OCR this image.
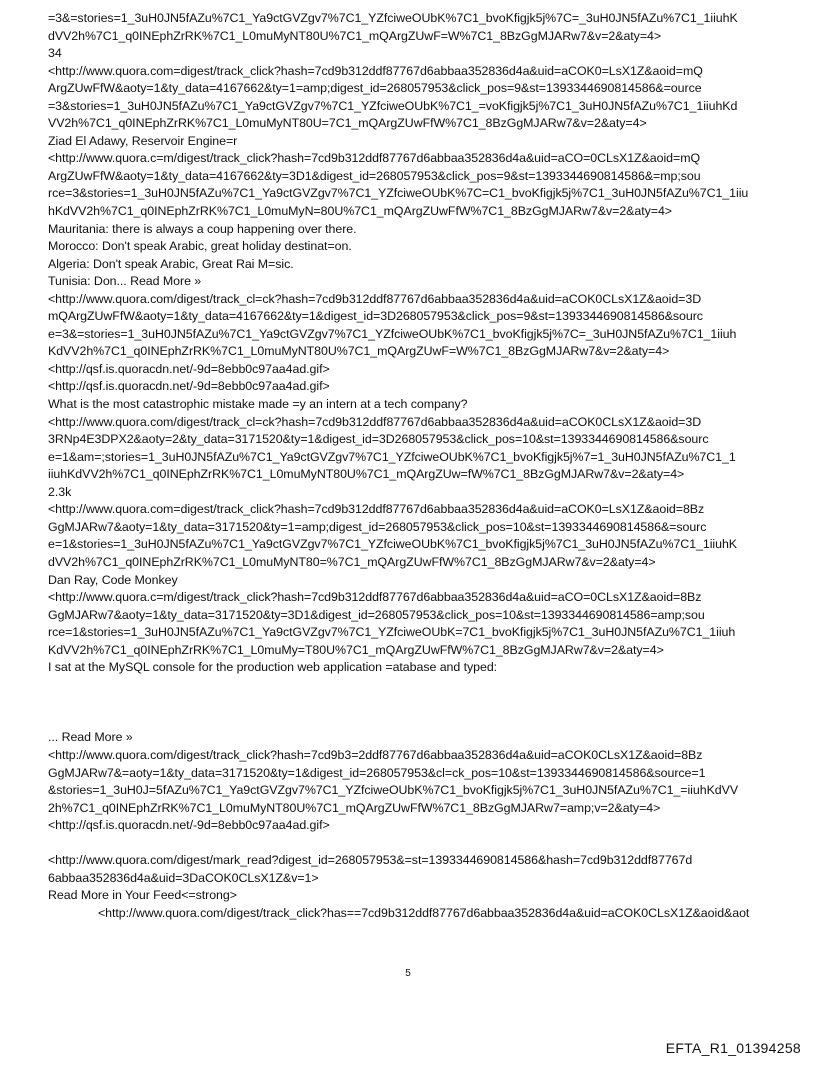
=3&=stories=1_3uH0JN5fAZu%7C1_Ya9ctGVZgv7%7C1_YZfciweOUbK%7C1_bvoKfigjk5j%7C=_3uH0JN5fAZu%7C1_1iiuhK
dVV2h%7C1_q0INEphZrRK%7C1_L0muMyNT80U%7C1_mQArgZUwF=W%7C1_8BzGgMJARw7&v=2&aty=4>
34
<http://www.quora.com=digest/track_click?hash=7cd9b312ddf87767d6abbaa352836d4a&uid=aCOK0=LsX1Z&aoid=mQ
ArgZUwFfW&aoty=1&ty_data=4167662&ty=1=amp;digest_id=268057953&click_pos=9&st=1393344690814586&=ource
=3&stories=1_3uH0JN5fAZu%7C1_Ya9ctGVZgv7%7C1_YZfciweOUbK%7C1_=voKfigjk5j%7C1_3uH0JN5fAZu%7C1_1iiuhKd
VV2h%7C1_q0INEphZrRK%7C1_L0muMyNT80U=7C1_mQArgZUwFfW%7C1_8BzGgMJARw7&v=2&aty=4>
Ziad El Adawy, Reservoir Engine=r
<http://www.quora.c=m/digest/track_click?hash=7cd9b312ddf87767d6abbaa352836d4a&uid=aCO=0CLsX1Z&aoid=mQ
ArgZUwFfW&aoty=1&ty_data=4167662&ty=3D1&digest_id=268057953&click_pos=9&st=1393344690814586&=mp;sou
rce=3&stories=1_3uH0JN5fAZu%7C1_Ya9ctGVZgv7%7C1_YZfciweOUbK%7C=C1_bvoKfigjk5j%7C1_3uH0JN5fAZu%7C1_1iiu
hKdVV2h%7C1_q0INEphZrRK%7C1_L0muMyN=80U%7C1_mQArgZUwFfW%7C1_8BzGgMJARw7&v=2&aty=4>
Mauritania: there is always a coup happening over there.
Morocco: Don't speak Arabic, great holiday destinat=on.
Algeria: Don't speak Arabic, Great Rai M=sic.
Tunisia: Don... Read More »
<http://www.quora.com/digest/track_cl=ck?hash=7cd9b312ddf87767d6abbaa352836d4a&uid=aCOK0CLsX1Z&aoid=3D
mQArgZUwFfW&aoty=1&ty_data=4167662&ty=1&digest_id=3D268057953&click_pos=9&st=1393344690814586&sourc
e=3&=stories=1_3uH0JN5fAZu%7C1_Ya9ctGVZgv7%7C1_YZfciweOUbK%7C1_bvoKfigjk5j%7C=_3uH0JN5fAZu%7C1_1iiuh
KdVV2h%7C1_q0INEphZrRK%7C1_L0muMyNT80U%7C1_mQArgZUwF=W%7C1_8BzGgMJARw7&v=2&aty=4>
<http://qsf.is.quoracdn.net/-9d=8ebb0c97aa4ad.gif>
<http://qsf.is.quoracdn.net/-9d=8ebb0c97aa4ad.gif>
What is the most catastrophic mistake made =y an intern at a tech company?
<http://www.quora.com/digest/track_cl=ck?hash=7cd9b312ddf87767d6abbaa352836d4a&uid=aCOK0CLsX1Z&aoid=3D
3RNp4E3DPX2&aoty=2&ty_data=3171520&ty=1&digest_id=3D268057953&click_pos=10&st=1393344690814586&sourc
e=1&am=;stories=1_3uH0JN5fAZu%7C1_Ya9ctGVZgv7%7C1_YZfciweOUbK%7C1_bvoKfigjk5j%7=1_3uH0JN5fAZu%7C1_1
iiuhKdVV2h%7C1_q0INEphZrRK%7C1_L0muMyNT80U%7C1_mQArgZUw=fW%7C1_8BzGgMJARw7&v=2&aty=4>
2.3k
<http://www.quora.com=digest/track_click?hash=7cd9b312ddf87767d6abbaa352836d4a&uid=aCOK0=LsX1Z&aoid=8Bz
GgMJARw7&aoty=1&ty_data=3171520&ty=1=amp;digest_id=268057953&click_pos=10&st=1393344690814586&=sourc
e=1&stories=1_3uH0JN5fAZu%7C1_Ya9ctGVZgv7%7C1_YZfciweOUbK%7C1_bvoKfigjk5j%7C1_3uH0JN5fAZu%7C1_1iiuhK
dVV2h%7C1_q0INEphZrRK%7C1_L0muMyNT80=%7C1_mQArgZUwFfW%7C1_8BzGgMJARw7&v=2&aty=4>
Dan Ray, Code Monkey
<http://www.quora.c=m/digest/track_click?hash=7cd9b312ddf87767d6abbaa352836d4a&uid=aCO=0CLsX1Z&aoid=8Bz
GgMJARw7&aoty=1&ty_data=3171520&ty=3D1&digest_id=268057953&click_pos=10&st=1393344690814586=amp;sou
rce=1&stories=1_3uH0JN5fAZu%7C1_Ya9ctGVZgv7%7C1_YZfciweOUbK=7C1_bvoKfigjk5j%7C1_3uH0JN5fAZu%7C1_1iiuh
KdVV2h%7C1_q0INEphZrRK%7C1_L0muMy=T80U%7C1_mQArgZUwFfW%7C1_8BzGgMJARw7&v=2&aty=4>
I sat at the MySQL console for the production web application =atabase and typed:
... Read More »
<http://www.quora.com/digest/track_click?hash=7cd9b3=2ddf87767d6abbaa352836d4a&uid=aCOK0CLsX1Z&aoid=8Bz
GgMJARw7&=aoty=1&ty_data=3171520&ty=1&digest_id=268057953&cl=ck_pos=10&st=1393344690814586&source=1
&stories=1_3uH0J=5fAZu%7C1_Ya9ctGVZgv7%7C1_YZfciweOUbK%7C1_bvoKfigjk5j%7C1_3uH0JN5fAZu%7C1_=iiuhKdVV
2h%7C1_q0INEphZrRK%7C1_L0muMyNT80U%7C1_mQArgZUwFfW%7C1_8BzGgMJARw7=amp;v=2&aty=4>
<http://qsf.is.quoracdn.net/-9d=8ebb0c97aa4ad.gif>
<http://www.quora.com/digest/mark_read?digest_id=268057953&=st=1393344690814586&hash=7cd9b312ddf87767d
6abbaa352836d4a&uid=3DaCOK0CLsX1Z&v=1>
Read More in Your Feed<=strong>
<http://www.quora.com/digest/track_click?has==7cd9b312ddf87767d6abbaa352836d4a&uid=aCOK0CLsX1Z&aoid&aot
5
EFTA_R1_01394258
